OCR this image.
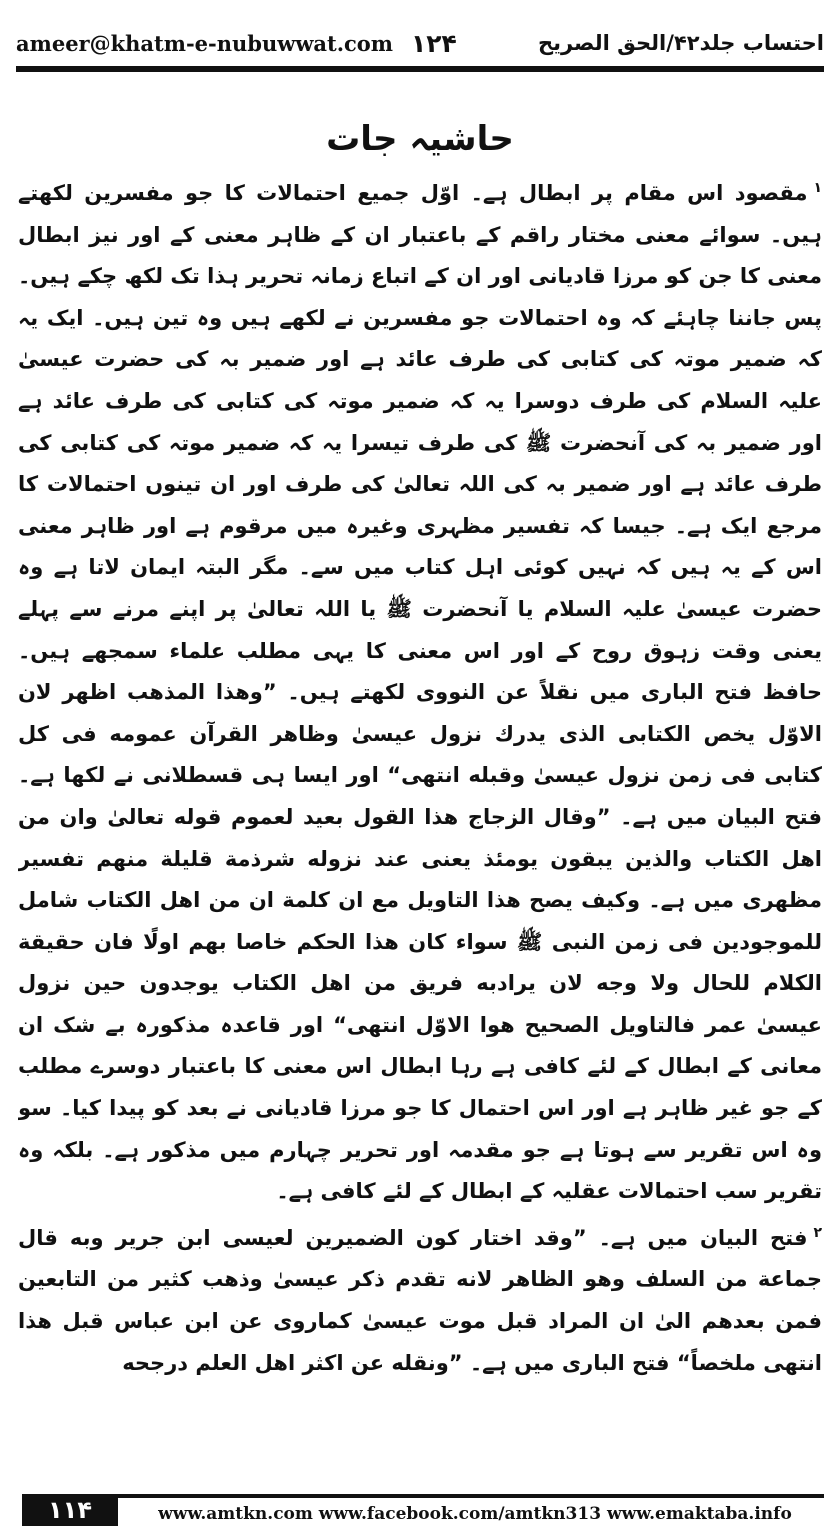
ameer@khatm-e-nubuwwat.com ۱۲۴	احتساب جلد۴۲/الحق الصریح
حاشیہ جات

$^۱$مقصود اس مقام پر ابطال ہے۔ اوّل جمیع احتمالات کا جو مفسرین لکھتے ہیں۔ سوائے معنی مختار راقم کے باعتبار ان کے ظاہر معنی کے اور نیز ابطال معنی کا جن کو مرزا قادیانی اور ان کے اتباع زمانہ تحریر ہذا تک لکھ چکے ہیں۔ پس جاننا چاہئے کہ وہ احتمالات جو مفسرین نے لکھے ہیں وہ تین ہیں۔ ایک یہ کہ ضمیر موتہ کی کتابی کی طرف عائد ہے اور ضمیر بہ کی حضرت عیسیٰ علیہ السلام کی طرف دوسرا یہ کہ ضمیر موتہ کی کتابی کی طرف عائد ہے اور ضمیر بہ کی آنحضرت ﷺ کی طرف تیسرا یہ کہ ضمیر موتہ کی کتابی کی طرف عائد ہے اور ضمیر بہ کی اللہ تعالیٰ کی طرف اور ان تینوں احتمالات کا مرجع ایک ہے۔ جیسا کہ تفسیر مظہری وغیرہ میں مرقوم ہے اور ظاہر معنی اس کے یہ ہیں کہ نہیں کوئی اہل کتاب میں سے۔ مگر البتہ ایمان لاتا ہے وہ حضرت عیسیٰ علیہ السلام یا آنحضرت ﷺ یا اللہ تعالیٰ پر اپنے مرنے سے پہلے یعنی وقت زہوق روح کے اور اس معنی کا یہی مطلب علماء سمجھے ہیں۔ حافظ فتح الباری میں نقلاً عن النووی لکھتے ہیں۔ ”وهذا المذهب اظهر لان الاوّل يخص الكتابى الذى يدرك نزول عيسىٰ وظاهر القرآن عمومه فى كل كتابى فى زمن نزول عيسىٰ وقبله انتهى“ اور ایسا ہی قسطلانی نے لکھا ہے۔ فتح البیان میں ہے۔ ”وقال الزجاج هذا القول بعيد لعموم قوله تعالىٰ وان من اهل الكتاب والذين يبقون يومئذ يعنى عند نزوله شرذمة قليلة منهم تفسير مظهرى میں ہے۔ وكيف يصح هذا التاويل مع ان كلمة ان من اهل الكتاب شامل للموجودين فى زمن النبى ﷺ سواء كان هذا الحكم خاصا بهم اولًا فان حقيقة الكلام للحال ولا وجه لان يرادبه فريق من اهل الكتاب يوجدون حين نزول عيسىٰ عمر فالتاويل الصحيح هوا الاوّل انتهى“ اور قاعدہ مذکورہ بے شک ان معانی کے ابطال کے لئے کافی ہے رہا ابطال اس معنی کا باعتبار دوسرے مطلب کے جو غیر ظاہر ہے اور اس احتمال کا جو مرزا قادیانی نے بعد کو پیدا کیا۔ سو وہ اس تقریر سے ہوتا ہے جو مقدمہ اور تحریر چہارم میں مذکور ہے۔ بلکہ وہ تقریر سب احتمالات عقلیہ کے ابطال کے لئے کافی ہے۔

$^۲$فتح البیان میں ہے۔ ”وقد اختار كون الضميرين لعيسى ابن جرير وبه قال جماعة من السلف وهو الظاهر لانه تقدم ذكر عيسىٰ وذهب كثير من التابعين فمن بعدهم الىٰ ان المراد قبل موت عيسىٰ كماروى عن ابن عباس قبل هذا انتهى ملخصاً“ فتح الباری میں ہے۔ ”ونقله عن اكثر اهل العلم درجحه

۱۱۴	www.amtkn.com www.facebook.com/amtkn313 www.emaktaba.info
